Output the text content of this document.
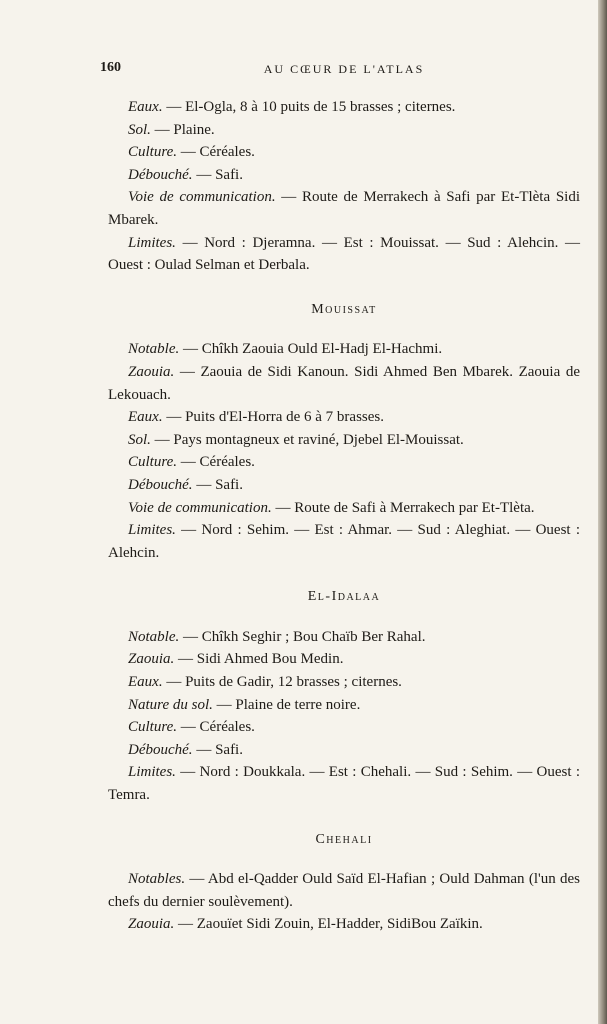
160	AU CŒUR DE L'ATLAS

Eaux. — El-Ogla, 8 à 10 puits de 15 brasses ; citernes.

Sol. — Plaine.

Culture. — Céréales.

Débouché. — Safi.

Voie de communication. — Route de Merrakech à Safi par Et-Tlèta Sidi Mbarek.

Limites. — Nord : Djeramna. — Est : Mouissat. — Sud : Alehcin. — Ouest : Oulad Selman et Derbala.

Mouissat

Notable. — Chîkh Zaouia Ould El-Hadj El-Hachmi.

Zaouia. — Zaouia de Sidi Kanoun. Sidi Ahmed Ben Mbarek. Zaouia de Lekouach.

Eaux. — Puits d'El-Horra de 6 à 7 brasses.

Sol. — Pays montagneux et raviné, Djebel El-Mouissat.

Culture. — Céréales.

Débouché. — Safi.

Voie de communication. — Route de Safi à Merrakech par Et-Tlèta.

Limites. — Nord : Sehim. — Est : Ahmar. — Sud : Aleghiat. — Ouest : Alehcin.

El-Idalaa

Notable. — Chîkh Seghir ; Bou Chaïb Ber Rahal.

Zaouia. — Sidi Ahmed Bou Medin.

Eaux. — Puits de Gadir, 12 brasses ; citernes.

Nature du sol. — Plaine de terre noire.

Culture. — Céréales.

Débouché. — Safi.

Limites. — Nord : Doukkala. — Est : Chehali. — Sud : Sehim. — Ouest : Temra.

Chehali

Notables. — Abd el-Qadder Ould Saïd El-Hafian ; Ould Dahman (l'un des chefs du dernier soulèvement).

Zaouia. — Zaouïet Sidi Zouin, El-Hadder, SidiBou Zaïkin.
